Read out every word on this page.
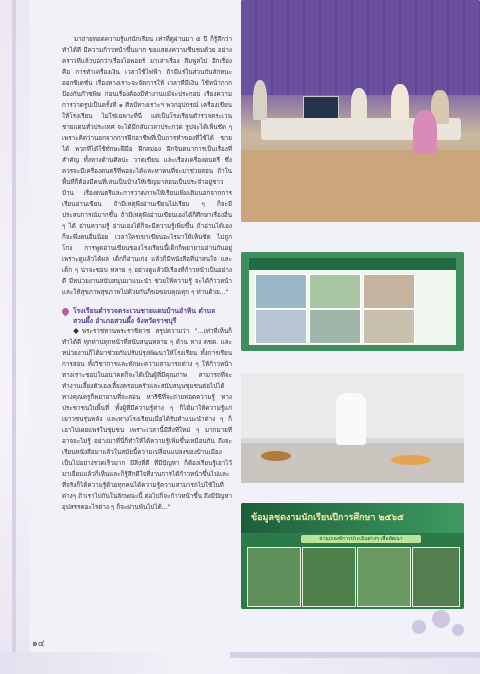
มาถ่ายทอดความรู้แก่นักเรียน เท่าที่ดูผ่านมา ๕ ปี ก็รู้สึกว่าทำได้ดี มีความก้าวหน้าขึ้นมาก ขอแสดงความชื่นชมด้วย อย่างคราวที่แล้วบอกว่าเรื่องไอพอยร์ มาเล่าเรื่อง สีมพูสไป อีกเรื่องคือ การทำเครื่องเงิน เวลาใช้ไฟฟ้า ถ้ามีแร่ในส่วนกันลักทนะออกซิเดชั่น เรื่องทางเราะจะจัดการให้ เวลาที่มีเงิน ใช้หน้ากากป้องกันก๊าซพิษ ก่อนเรื่องต้องมีทำงานแม้จะประกอบ เรียงความ การวาดรูปเป็นครั้งที่ ๑ ศิลป์ทางเราะฯ พวกอุปกรณ์ เครื่องเขียนให้โรงเรียน ไม่ใช่เฉพาะที่นี่ แต่เป็นโรงเรียนตำรวจตระเวนชายแดนทั่วประเทศ จะได้มีกลับเวลาประกวด รูปจะได้เห็นชัด ๆ เพราะคิดว่านอกจากการฝึกอาชีพที่เป็นการทำของที่ใช้ได้ ขายได้ พวกที่ได้ใช้ทักษะฝีมือ ฝึกสมอง ฝึกจินตนาการเป็นเรื่องที่สำคัญ ทั้งทางด้านศิลปะ วาดเขียน และเรื่องเครื่องดนตรี ซึ่งควรจะมีเครื่องดนตรีที่พอจะได้และหาคนที่จะมาช่วยสอน ถ้าในพื้นที่ก็ต้องมีคนที่เล่นเป็นบ้างให้เชิญมาสอนเป็นประจำอยู่ชาวบ้าน เรื่องดนตรีและการวาดภาพให้เรียนเพิ่มเติมนอกจากการเรียนอ่านเขียน ถ้ามีเหตุพึงอ่านเขียนไม่เรียบ ๆ ก็จะมีประสบการณ์มากขึ้น ถ้ามีเหตุพึงอ่านเขียนเองได้ก็ศึกษาเรื่องอื่น ๆ ได้ อ่านความรู้ อ่านเองได้ก็จะมีความรู้เพิ่มขึ้น ถ้าอ่านได้เอง ก็จะพึ่งคนอื่นน้อย เวลาใครเขาเขียนอะไรมาให้เห็นชัด ไม่ถูกโกง การพูดอ่านเขียนของโรงเรียนนี้เด็กก็พยายามอ่านกันอยู่ เพราะดูแล้วได้ผล เด็กก็อ่านเก่ง แล้วก็มีหนังสือที่น่าสนใจ และเด็ก ๆ น่าจะชอบ หลาย ๆ อย่างดูแล้วมีเรื่องที่ก้าวหน้าเป็นอย่างดี มีหน่วยงานสนับสนุนมาแนะนำ ช่วยให้ความรู้ จะได้ก้าวหน้าและให้สุขภาพสุขภาพไปด้วยกันก็ขอขอบคุณทุก ๆ ท่านด้วย..."

โรงเรียนตำรวจตระเวนชายแดนบ้านอำหิน ตำบลสวนผึ้ง อำเภอสวนผึ้ง จังหวัดราชบุรี

พระราชทานพระราชิดาช สรุปความว่า "...เท่าที่เห็นก็ทำได้ดี ทุกท่านทุกหน้าที่สนับสนุนหลาย ๆ ด้าน ทาง ตชด. และหน่วยงานก็ได้มาช่วยกันปรับปรุงพัฒนาให้โรงเรียน ทั้งการเรียนการสอน ทั้งวิชาการและทักษะความสามารถต่าง ๆ ให้ก้าวหน้า ทางเราะชอบในอนาคตก็จะได้เป็นผู้ที่มีคุณภาพ สามารถที่จะทำงานเลี้ยงตัวเองเลี้ยงครอบครัวและสนับสนุนชุมชนต่อไปได้ ทางคุณครูก็พยายามที่จะสอน หารีซีที่จะถ่ายทอดความรู้ ทางประชาชนในพื้นที่ ทั้งผู้ที่มีความรู้ต่าง ๆ ก็ได้มาให้ความรู้แก่เยาวชนรุ่นหลัง และทางโรงเรียนเมื่อได้รับคำแนะนำต่าง ๆ ก็เอาไปเผยแพร่ในชุมชน เพราะเวลานี้มีสิ่งที่ใหม่ ๆ มากมายที่อาจจะไม่รู้ อย่างมาที่นี่ก็ทำให้ได้ความรู้เพิ่มขึ้นเหมือนกัน ถึงจะเรียนหนังสือมาแล้วในสมัยนี้ความเปลี่ยนแปลงของบ้านเมืองเป็นไปอย่างรวดเร็วมาก มีสิ่งที่ดี ที่มีปัญหา ก็ต้องเรียนรู้เอาไว้ มาเยี่ยมแล้วก็เห็นและก็รู้สึกดีใจที่งานการได้ก้าวหน้าขึ้นไปและที่จริงก็ได้ความรู้ด้วยทุกคนได้ความรู้ความสามารถไปใช้ในที่ต่างๆ ถ้าเราไปกันในลักษณะนี้ ต่อไปก็จะก้าวหน้าขึ้น ถึงมีปัญหาอุปสรรคอะไรต่าง ๆ ก็จะผ่านพ้นไปได้..."

ข้อมูลชุดงามนักเรียนปีการศึกษา ๒๕๖๕
ผ่านเกณฑ์การประเมินต่างๆ เพื่อพัฒนา
๑๔
